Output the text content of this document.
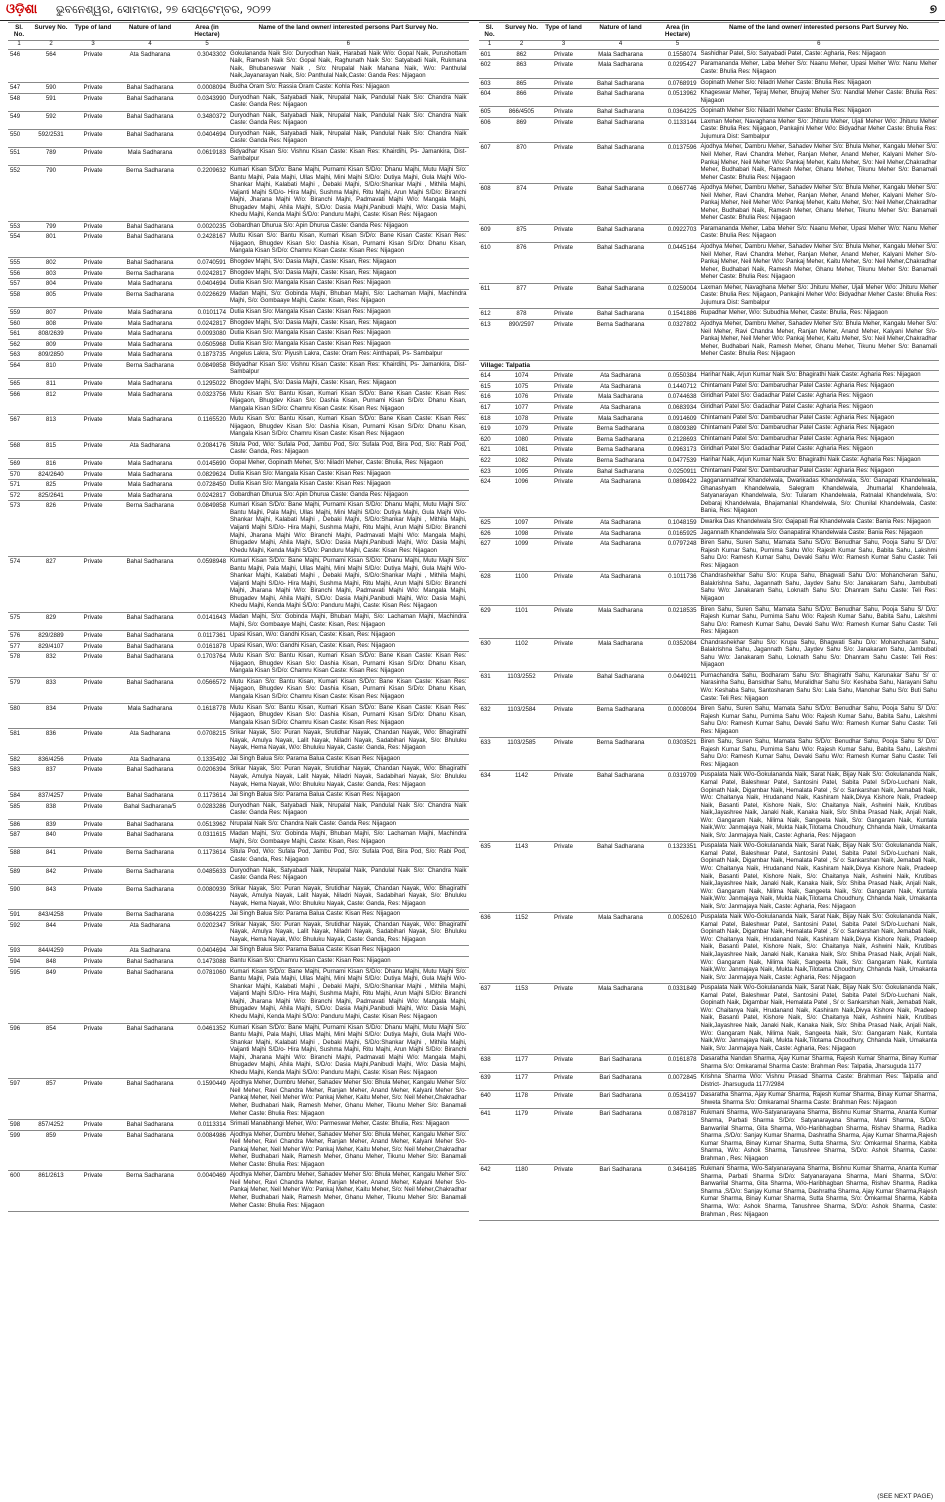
ଓଡ଼ିଶା ଭୁବନେଶ୍ୱର, ସୋମବାର, ୨୭ ସେପ୍ଟେମ୍ବର, ୨୦୨୨	୭
Sl. No.	Survey No.	Type of land	Nature of land	Area (in Hectare)	Name of the land owner/ interested persons Part Survey No.
1	2	3	4	5	6
546	564	Private	Ata Sadharana	0.3043302	Gokulananda Naik S/o: Duryodhan Naik, Harabati Naik W/o: Gopal Naik, Purushottam Naik, Ramesh Naik S/o: Gopal Naik, Raghunath Naik S/o: Satyabadi Naik, Rukmana Naik, Bhubaneswar Naik , S/o: Nrupalal Naik Mahana Naik, W/o: Panthulal Naik,Jayanarayan Naik, S/o: Panthulal Naik,Caste: Ganda Res: Nijagaon
547	590	Private	Bahal Sadharana	0.0008094	Budha Oram S/o: Rassia Oram Caste: Kohla Res: Nijagaon
548	591	Private	Bahal Sadharana	0.0343990	Duryodhan Naik, Satyabadi Naik, Nrupalal Naik, Pandulal Naik S/o: Chandra Naik Caste: Ganda Res: Nijagaon
549	592	Private	Bahal Sadharana	0.3480372	Duryodhan Naik, Satyabadi Naik, Nrupalal Naik, Pandulal Naik S/o: Chandra Naik Caste: Ganda Res: Nijagaon
550	592/2531	Private	Bahal Sadharana	0.0404694	Duryodhan Naik, Satyabadi Naik, Nrupalal Naik, Pandulal Naik S/o: Chandra Naik Caste: Ganda Res: Nijagaon
551	789	Private	Mala Sadharana	0.0619183	Bidyadhar Kisan S/o: Vishnu Kisan Caste: Kisan Res: Khairdihi, Ps- Jamankira, Dist-Sambalpur
552	790	Private	Berna Sadharana	0.2209632	Kumari Kisan S/D/o: Bane Majhi, Purnami Kisan S/D/o: Dhanu Majhi, Mutu Majhi S/o: Bantu Majhi, Pala Majhi, Ullas Majhi, Mini Majhi S/D/o: Dutiya Majhi, Gula Majhi W/o- Shankar Majhi, Kalabati Majhi , Debaki Majhi, S/D/o:Shankar Majhi , Mithila Majhi, Vaijanti Majhi S/D/o- Hira Majhi, Sushma Majhi, Ritu Majhi, Arun Majhi S/D/o: Biranchi Majhi, Jharana Majhi W/o: Biranchi Majhi, Padmavati Majhi W/o: Mangala Majhi, Bhugadev Majhi, Ahila Majhi, S/D/o: Dasia Majhi,Panibudi Majhi, W/o: Dasia Majhi, Khedu Majhi, Kenda Majhi S/D/o: Panduru Majhi, Caste: Kisan Res: Nijagaon
553	799	Private	Bahal Sadharana	0.0020235	Gobardhan Dhurua S/o: Apin Dhurua Caste: Ganda Res: Nijagaon
554	801	Private	Bahal Sadharana	0.2428167	Muttu Kisan S/o: Bantu Kisan, Kumari Kisan S/D/o: Bane Kisan Caste: Kisan Res: Nijagaon, Bhugdev Kisan S/o: Dashia Kisan, Purnami Kisan S/D/o: Dhanu Kisan, Mangala Kisan S/D/o: Chamru Kisan Caste: Kisan Res: Nijagaon
555	802	Private	Bahal Sadharana	0.0740591	Bhogdev Majhi, S/o: Dasia Majhi, Caste: Kisan, Res: Nijagaon
556	803	Private	Berna Sadharana	0.0242817	Bhogdev Majhi, S/o: Dasia Majhi, Caste: Kisan, Res: Nijagaon
557	804	Private	Mala Sadharana	0.0404694	Dutia Kisan S/o: Mangala Kisan Caste: Kisan Res: Nijagaon
558	805	Private	Berna Sadharana	0.0226629	Madan Majhi, S/o: Gobinda Majhi, Bhuban Majhi, S/o: Lachaman Majhi, Machindra Majhi, S/o: Gombaaye Majhi, Caste: Kisan, Res: Nijagaon
559	807	Private	Mala Sadharana	0.0101174	Dutia Kisan S/o: Mangala Kisan Caste: Kisan Res: Nijagaon
560	808	Private	Mala Sadharana	0.0242817	Bhogdev Majhi, S/o: Dasia Majhi, Caste: Kisan, Res: Nijagaon
561	808/2639	Private	Mala Sadharana	0.0093080	Dutia Kisan S/o: Mangala Kisan Caste: Kisan Res: Nijagaon
562	809	Private	Mala Sadharana	0.0505968	Dutia Kisan S/o: Mangala Kisan Caste: Kisan Res: Nijagaon
563	809/2850	Private	Mala Sadharana	0.1873735	Angelus Lakra, S/o: Piyush Lakra, Caste: Oram Res: Ainthapali, Ps- Sambalpur
564	810	Private	Berna Sadharana	0.0849858	Bidyadhar Kisan S/o: Vishnu Kisan Caste: Kisan Res: Khairdihi, Ps- Jamankira, Dist-Sambalpur
565	811	Private	Mala Sadharana	0.1295022	Bhogdev Majhi, S/o: Dasia Majhi, Caste: Kisan, Res: Nijagaon
566	812	Private	Mala Sadharana	0.0323756	Mutu Kisan S/o: Bantu Kisan, Kumari Kisan S/D/o: Bane Kisan Caste: Kisan Res: Nijagaon, Bhugdev Kisan S/o: Dashia Kisan, Purnami Kisan S/D/o: Dhanu Kisan, Mangala Kisan S/D/o: Chamru Kisan Caste: Kisan Res: Nijagaon
567	813	Private	Mala Sadharana	0.1165520	Mutu Kisan S/o: Bantu Kisan, Kumari Kisan S/D/o: Bane Kisan Caste: Kisan Res: Nijagaon, Bhugdev Kisan S/o: Dashia Kisan, Purnami Kisan S/D/o: Dhanu Kisan, Mangala Kisan S/D/o: Chamru Kisan Caste: Kisan Res: Nijagaon
568	815	Private	Ata Sadharana	0.2084176	Situla Pod, W/o: Sufala Pod, Jambu Pod, S/o: Sufala Pod, Bira Pod, S/o: Rabi Pod, Caste: Ganda, Res: Nijagaon
569	816	Private	Mala Sadharana	0.0145690	Gopal Meher, Gopinath Meher, S/o: Niladri Meher, Caste: Bhulia, Res: Nijagaon
570	824/2640	Private	Mala Sadharana	0.0829624	Dutia Kisan S/o: Mangala Kisan Caste: Kisan Res: Nijagaon
571	825	Private	Mala Sadharana	0.0728450	Dutia Kisan S/o: Mangala Kisan Caste: Kisan Res: Nijagaon
572	825/2641	Private	Mala Sadharana	0.0242817	Gobardhan Dhurua S/o: Apin Dhurua Caste: Ganda Res: Nijagaon
573	826	Private	Berna Sadharana	0.0849858	Kumari Kisan S/D/o: Bane Majhi, Purnami Kisan S/D/o: Dhanu Majhi, Mutu Majhi S/o: Bantu Majhi, Pala Majhi, Ullas Majhi, Mini Majhi S/D/o: Dutiya Majhi, Gula Majhi W/o- Shankar Majhi, Kalabati Majhi , Debaki Majhi, S/D/o:Shankar Majhi , Mithila Majhi, Vaijanti Majhi S/D/o- Hira Majhi, Sushma Majhi, Ritu Majhi, Arun Majhi S/D/o: Biranchi Majhi, Jharana Majhi W/o: Biranchi Majhi, Padmavati Majhi W/o: Mangala Majhi, Bhugadev Majhi, Ahila Majhi, S/D/o: Dasia Majhi,Panibudi Majhi, W/o: Dasia Majhi, Khedu Majhi, Kenda Majhi S/D/o: Panduru Majhi, Caste: Kisan Res: Nijagaon
574	827	Private	Bahal Sadharana	0.0598948	Kumari Kisan S/D/o: Bane Majhi, Purnami Kisan S/D/o: Dhanu Majhi, Mutu Majhi S/o: Bantu Majhi, Pala Majhi, Ullas Majhi, Mini Majhi S/D/o: Dutiya Majhi, Gula Majhi W/o- Shankar Majhi, Kalabati Majhi , Debaki Majhi, S/D/o:Shankar Majhi , Mithila Majhi, Vaijanti Majhi S/D/o- Hira Majhi, Sushma Majhi, Ritu Majhi, Arun Majhi S/D/o: Biranchi Majhi, Jharana Majhi W/o: Biranchi Majhi, Padmavati Majhi W/o: Mangala Majhi, Bhugadev Majhi, Ahila Majhi, S/D/o: Dasia Majhi,Panibudi Majhi, W/o: Dasia Majhi, Khedu Majhi, Kenda Majhi S/D/o: Panduru Majhi, Caste: Kisan Res: Nijagaon
575	829	Private	Bahal Sadharana	0.0141643	Madan Majhi, S/o: Gobinda Majhi, Bhuban Majhi, S/o: Lachaman Majhi, Machindra Majhi, S/o: Gombaaye Majhi, Caste: Kisan, Res: Nijagaon
576	829/2889	Private	Bahal Sadharana	0.0117361	Upasi Kisan, W/o: Gandhi Kisan, Caste: Kisan, Res: Nijagaon
577	829/4107	Private	Bahal Sadharana	0.0161878	Upasi Kisan, W/o: Gandhi Kisan, Caste: Kisan, Res: Nijagaon
578	832	Private	Bahal Sadharana	0.1703764	Mutu Kisan S/o: Bantu Kisan, Kumari Kisan S/D/o: Bane Kisan Caste: Kisan Res: Nijagaon, Bhugdev Kisan S/o: Dashia Kisan, Purnami Kisan S/D/o: Dhanu Kisan, Mangala Kisan S/D/o: Chamru Kisan Caste: Kisan Res: Nijagaon
579	833	Private	Bahal Sadharana	0.0566572	Mutu Kisan S/o: Bantu Kisan, Kumari Kisan S/D/o: Bane Kisan Caste: Kisan Res: Nijagaon, Bhugdev Kisan S/o: Dashia Kisan, Purnami Kisan S/D/o: Dhanu Kisan, Mangala Kisan S/D/o: Chamru Kisan Caste: Kisan Res: Nijagaon
580	834	Private	Mala Sadharana	0.1618778	Mutu Kisan S/o: Bantu Kisan, Kumari Kisan S/D/o: Bane Kisan Caste: Kisan Res: Nijagaon, Bhugdev Kisan S/o: Dashia Kisan, Purnami Kisan S/D/o: Dhanu Kisan, Mangala Kisan S/D/o: Chamru Kisan Caste: Kisan Res: Nijagaon
581	836	Private	Ata Sadharana	0.0708215	Srikar Nayak, S/o: Puran Nayak, Srutidhar Nayak, Chandan Nayak, W/o: Bhagirathi Nayak, Amulya Nayak, Lalit Nayak, Niladri Nayak, Sadabihari Nayak, S/o: Bhuluku Nayak, Hema Nayak, W/o: Bhuluku Nayak, Caste: Ganda, Res: Nijagaon
582	836/4256	Private	Ata Sadharana	0.1335492	Jai Singh Balua S/o: Parama Balua Caste: Kisan Res: Nijagaon
583	837	Private	Bahal Sadharana	0.0206394	Srikar Nayak, S/o: Puran Nayak, Srutidhar Nayak, Chandan Nayak, W/o: Bhagirathi Nayak, Amulya Nayak, Lalit Nayak, Niladri Nayak, Sadabihari Nayak, S/o: Bhuluku Nayak, Hema Nayak, W/o: Bhuluku Nayak, Caste: Ganda, Res: Nijagaon
584	837/4257	Private	Bahal Sadharana	0.1173614	Jai Singh Balua S/o: Parama Balua Caste: Kisan Res: Nijagaon
585	838	Private	Bahal Sadharana/5	0.0283286	Duryodhan Naik, Satyabadi Naik, Nrupalal Naik, Pandulal Naik S/o: Chandra Naik Caste: Ganda Res: Nijagaon
586	839	Private	Bahal Sadharana	0.0513962	Nrupalal Naik S/o: Chandra Naik Caste: Ganda Res: Nijagaon
587	840	Private	Bahal Sadharana	0.0311615	Madan Majhi, S/o: Gobinda Majhi, Bhuban Majhi, S/o: Lachaman Majhi, Machindra Majhi, S/o: Gombaaye Majhi, Caste: Kisan, Res: Nijagaon
588	841	Private	Berna Sadharana	0.1173614	Situla Pod, W/o: Sufala Pod, Jambu Pod, S/o: Sufala Pod, Bira Pod, S/o: Rabi Pod, Caste: Ganda, Res: Nijagaon
589	842	Private	Berna Sadharana	0.0485633	Duryodhan Naik, Satyabadi Naik, Nrupalal Naik, Pandulal Naik S/o: Chandra Naik Caste: Ganda Res: Nijagaon
590	843	Private	Berna Sadharana	0.0080939	Srikar Nayak, S/o: Puran Nayak, Srutidhar Nayak, Chandan Nayak, W/o: Bhagirathi Nayak, Amulya Nayak, Lalit Nayak, Niladri Nayak, Sadabihari Nayak, S/o: Bhuluku Nayak, Hema Nayak, W/o: Bhuluku Nayak, Caste: Ganda, Res: Nijagaon
591	843/4258	Private	Berna Sadharana	0.0364225	Jai Singh Balua S/o: Parama Balua Caste: Kisan Res: Nijagaon
592	844	Private	Ata Sadharana	0.0202347	Srikar Nayak, S/o: Puran Nayak, Srutidhar Nayak, Chandan Nayak, W/o: Bhagirathi Nayak, Amulya Nayak, Lalit Nayak, Niladri Nayak, Sadabihari Nayak, S/o: Bhuluku Nayak, Hema Nayak, W/o: Bhuluku Nayak, Caste: Ganda, Res: Nijagaon
593	844/4259	Private	Ata Sadharana	0.0404694	Jai Singh Balua S/o: Parama Balua Caste: Kisan Res: Nijagaon
594	848	Private	Bahal Sadharana	0.1473088	Bantu Kisan S/o: Chamru Kisan Caste: Kisan Res: Nijagaon
595	849	Private	Bahal Sadharana	0.0781060	Kumari Kisan S/D/o: Bane Majhi, Purnami Kisan S/D/o: Dhanu Majhi, Mutu Majhi S/o: Bantu Majhi, Pala Majhi, Ullas Majhi, Mini Majhi S/D/o: Dutiya Majhi, Gula Majhi W/o- Shankar Majhi, Kalabati Majhi , Debaki Majhi, S/D/o:Shankar Majhi , Mithila Majhi, Vaijanti Majhi S/D/o- Hira Majhi, Sushma Majhi, Ritu Majhi, Arun Majhi S/D/o: Biranchi Majhi, Jharana Majhi W/o: Biranchi Majhi, Padmavati Majhi W/o: Mangala Majhi, Bhugadev Majhi, Ahila Majhi, S/D/o: Dasia Majhi,Panibudi Majhi, W/o: Dasia Majhi, Khedu Majhi, Kenda Majhi S/D/o: Panduru Majhi, Caste: Kisan Res: Nijagaon
596	854	Private	Bahal Sadharana	0.0461352	Kumari Kisan S/D/o: Bane Majhi, Purnami Kisan S/D/o: Dhanu Majhi, Mutu Majhi S/o: Bantu Majhi, Pala Majhi, Ullas Majhi, Mini Majhi S/D/o: Dutiya Majhi, Gula Majhi W/o- Shankar Majhi, Kalabati Majhi , Debaki Majhi, S/D/o:Shankar Majhi , Mithila Majhi, Vaijanti Majhi S/D/o- Hira Majhi, Sushma Majhi, Ritu Majhi, Arun Majhi S/D/o: Biranchi Majhi, Jharana Majhi W/o: Biranchi Majhi, Padmavati Majhi W/o: Mangala Majhi, Bhugadev Majhi, Ahila Majhi, S/D/o: Dasia Majhi,Panibudi Majhi, W/o: Dasia Majhi, Khedu Majhi, Kenda Majhi S/D/o: Panduru Majhi, Caste: Kisan Res: Nijagaon
597	857	Private	Bahal Sadharana	0.1590449	Ajodhya Meher, Dumbru Meher, Sahadev Meher S/o: Bhula Meher, Kangalu Meher S/o: Neil Meher, Ravi Chandra Meher, Ranjan Meher, Anand Meher, Kalyani Meher S/o-Pankaj Meher, Neil Meher W/o: Pankaj Meher, Kaitu Meher, S/o: Neil Meher,Chakradhar Meher, Budhabari Naik, Ramesh Meher, Ghanu Meher, Tikunu Meher S/o: Banamali Meher Caste: Bhulia Res: Nijagaon
598	857/4252	Private	Bahal Sadharana	0.0113314	Srimati Manabhangi Meher, W/o: Parmeswar Meher, Caste: Bhulia, Res: Nijagaon
599	859	Private	Bahal Sadharana	0.0084986	Ajodhya Meher, Dumbru Meher, Sahadev Meher S/o: Bhula Meher, Kangalu Meher S/o: Neil Meher, Ravi Chandra Meher, Ranjan Meher, Anand Meher, Kalyani Meher S/o-Pankaj Meher, Neil Meher W/o: Pankaj Meher, Kaitu Meher, S/o: Neil Meher,Chakradhar Meher, Budhabari Naik, Ramesh Meher, Ghanu Meher, Tikunu Meher S/o: Banamali Meher Caste: Bhulia Res: Nijagaon
600	861/2613	Private	Berna Sadharana	0.0040469	Ajodhya Meher, Dambru Meher, Sahadev Meher S/o: Bhula Meher, Kangalu Meher S/o: Neil Meher, Ravi Chandra Meher, Ranjan Meher, Anand Meher, Kalyani Meher S/o-Pankaj Meher, Neil Meher W/o: Pankaj Meher, Kaitu Meher, S/o: Neil Meher,Chakradhar Meher, Budhabari Naik, Ramesh Meher, Ghanu Meher, Tikunu Meher S/o: Banamali Meher Caste: Bhulia Res: Nijagaon
Sl. No.	Survey No.	Type of land	Nature of land	Area (in Hectare)	Name of the land owner/ interested persons Part Survey No.
1	2	3	4	5	6
601	862	Private	Mala Sadharana	0.1558074	Sashidhar Patel, S/o: Satyabadi Patel, Caste: Agharia, Res: Nijagaon
602	863	Private	Mala Sadharana	0.0295427	Paramananda Meher, Laba Meher S/o: Naanu Meher, Upasi Meher W/o: Nanu Meher Caste: Bhulia Res: Nijagaon
603	865	Private	Bahal Sadharana	0.0768919	Gopinath Meher S/o: Niladri Meher Caste: Bhulia Res: Nijagaon
604	866	Private	Bahal Sadharana	0.0513962	Khageswar Meher, Tejraj Meher, Bhujraj Meher S/o: Nandlal Meher Caste: Bhulia Res: Nijagaon
605	866/4505	Private	Bahal Sadharana	0.0364225	Gopinath Meher S/o: Niladri Meher Caste: Bhulia Res: Nijagaon
606	869	Private	Bahal Sadharana	0.1133144	Laxman Meher, Navaghana Meher S/o: Jhituru Meher, Ujali Meher W/o: Jhituru Meher Caste: Bhulia Res: Nijagaon, Pankajini Meher W/o: Bidyadhar Meher Caste: Bhulia Res: Jujumura Dist: Sambalpur
607	870	Private	Bahal Sadharana	0.0137596	Ajodhya Meher, Dambru Meher, Sahadev Meher S/o: Bhula Meher, Kangalu Meher S/o: Neil Meher, Ravi Chandra Meher, Ranjan Meher, Anand Meher, Kalyani Meher S/o-Pankaj Meher, Neil Meher W/o: Pankaj Meher, Kaitu Meher, S/o: Neil Meher,Chakradhar Meher, Budhabari Naik, Ramesh Meher, Ghanu Meher, Tikunu Meher S/o: Banamali Meher Caste: Bhulia Res: Nijagaon
608	874	Private	Bahal Sadharana	0.0667746	Ajodhya Meher, Dambru Meher, Sahadev Meher S/o: Bhula Meher, Kangalu Meher S/o: Neil Meher, Ravi Chandra Meher, Ranjan Meher, Anand Meher, Kalyani Meher S/o-Pankaj Meher, Neil Meher W/o: Pankaj Meher, Kaitu Meher, S/o: Neil Meher,Chakradhar Meher, Budhabari Naik, Ramesh Meher, Ghanu Meher, Tikunu Meher S/o: Banamali Meher Caste: Bhulia Res: Nijagaon
609	875	Private	Bahal Sadharana	0.0922703	Paramananda Meher, Laba Meher S/o: Naanu Meher, Upasi Meher W/o: Nanu Meher Caste: Bhulia Res: Nijagaon
610	876	Private	Bahal Sadharana	0.0445164	Ajodhya Meher, Dambru Meher, Sahadev Meher S/o: Bhula Meher, Kangalu Meher S/o: Neil Meher, Ravi Chandra Meher, Ranjan Meher, Anand Meher, Kalyani Meher S/o-Pankaj Meher, Neil Meher W/o: Pankaj Meher, Kaitu Meher, S/o: Neil Meher,Chakradhar Meher, Budhabari Naik, Ramesh Meher, Ghanu Meher, Tikunu Meher S/o: Banamali Meher Caste: Bhulia Res: Nijagaon
611	877	Private	Bahal Sadharana	0.0259004	Laxman Meher, Navaghana Meher S/o: Jhituru Meher, Ujali Meher W/o: Jhituru Meher Caste: Bhulia Res: Nijagaon, Pankajini Meher W/o: Bidyadhar Meher Caste: Bhulia Res: Jujumura Dist: Sambalpur
612	878	Private	Bahal Sadharana	0.1541886	Rupadhar Meher, W/o: Subudhia Meher, Caste: Bhulia, Res: Nijagaon
613	890/2597	Private	Berna Sadharana	0.0327802	Ajodhya Meher, Dambru Meher, Sahadev Meher S/o: Bhula Meher, Kangalu Meher S/o: Neil Meher, Ravi Chandra Meher, Ranjan Meher, Anand Meher, Kalyani Meher S/o-Pankaj Meher, Neil Meher W/o: Pankaj Meher, Kaitu Meher, S/o: Neil Meher,Chakradhar Meher, Budhabari Naik, Ramesh Meher, Ghanu Meher, Tikunu Meher S/o: Banamali Meher Caste: Bhulia Res: Nijagaon
Village: Talpatia					
614	1074	Private	Ata Sadharana	0.0550384	Harihar Naik, Arjun Kumar Naik S/o: Bhagirathi Naik Caste: Agharia Res: Nijagaon
615	1075	Private	Ata Sadharana	0.1440712	Chintamani Patel S/o: Dambarudhar Patel Caste: Agharia Res: Nijagaon
616	1076	Private	Mala Sadharana	0.0744638	Giridhari Patel S/o: Gadadhar Patel Caste: Agharia Res: Nijgaon
617	1077	Private	Ata Sadharana	0.0683934	Giridhari Patel S/o: Gadadhar Patel Caste: Agharia Res: Nijgaon
618	1078	Private	Mala Sadharana	0.0914609	Chintamani Patel S/o: Dambarudhar Patel Caste: Agharia Res: Nijagaon
619	1079	Private	Berna Sadharana	0.0809389	Chintamani Patel S/o: Dambarudhar Patel Caste: Agharia Res: Nijagaon
620	1080	Private	Berna Sadharana	0.2128693	Chintamani Patel S/o: Dambarudhar Patel Caste: Agharia Res: Nijagaon
621	1081	Private	Berna Sadharana	0.0963173	Giridhari Patel S/o: Gadadhar Patel Caste: Agharia Res: Nijgaon
622	1082	Private	Berna Sadharana	0.0477539	Harihar Naik, Arjun Kumar Naik S/o: Bhagirathi Naik Caste: Agharia Res: Nijagaon
623	1095	Private	Bahal Sadharana	0.0250911	Chintamani Patel S/o: Dambarudhar Patel Caste: Agharia Res: Nijagaon
624	1096	Private	Ata Sadharana	0.0898422	Jagganannathrai Khandelwala, Dwarikadas Khandelwala, S/o: Ganapati Khandelwala, Ghanashyam Khandelwala, Salegram Khandelwala, Jhumarlal Khandelwala, Satyanarayan Khandelwala, S/o: Tularam Khandelwala, Ratnalal Khandelwala, S/o: Debaraj Khandelwala, Bhajamanlal Khandelwala, S/o: Chunilal Khandelwala, Caste: Bania, Res: Nijagaon
625	1097	Private	Ata Sadharana	0.1048159	Dwarika Das Khandelwala S/o: Gajapati Rai Khandelwala Caste: Bania Res: Nijagaon
626	1098	Private	Ata Sadharana	0.0165925	Jagannath Khandelwala S/o: Ganapatirai Khandelwala Caste: Bania Res: Nijagaon
627	1099	Private	Ata Sadharana	0.0797248	Biren Sahu, Suren Sahu, Mamata Sahu S/D/o: Benudhar Sahu, Pooja Sahu S/ D/o: Rajesh Kumar Sahu, Purnima Sahu W/o: Rajesh Kumar Sahu, Babita Sahu, Lakshmi Sahu D/o: Ramesh Kumar Sahu, Devaki Sahu W/o: Ramesh Kumar Sahu Caste: Teli Res: Nijagaon
628	1100	Private	Ata Sadharana	0.1011736	Chandrashekhar Sahu S/o: Krupa Sahu, Bhagwati Sahu D/o: Mohanchəran Sahu, Balakrishna Sahu, Jagannath Sahu, Jaydev Sahu S/o: Janakaram Sahu, Jambubati Sahu W/o: Janakaram Sahu, Loknath Sahu S/o: Dhanram Sahu Caste: Teli Res: Nijagaon
629	1101	Private	Mala Sadharana	0.0218535	Biren Sahu, Suren Sahu, Mamata Sahu S/D/o: Benudhar Sahu, Pooja Sahu S/ D/o: Rajesh Kumar Sahu, Purnima Sahu W/o: Rajesh Kumar Sahu, Babita Sahu, Lakshmi Sahu D/o: Ramesh Kumar Sahu, Devaki Sahu W/o: Ramesh Kumar Sahu Caste: Teli Res: Nijagaon
630	1102	Private	Mala Sadharana	0.0352084	Chandrashekhar Sahu S/o: Krupa Sahu, Bhagwati Sahu D/o: Mohancharan Sahu, Balakrishna Sahu, Jagannath Sahu, Jaydev Sahu S/o: Janakaram Sahu, Jambubati Sahu W/o: Janakaram Sahu, Loknath Sahu S/o: Dhanram Sahu Caste: Teli Res: Nijagaon
631	1103/2552	Private	Bahal Sadharana	0.0449211	Purnachandra Sahu, Bodharam Sahu S/o: Bhagirathi Sahu, Karunakar Sahu S/ o: Narasinha Sahu, Bansidhar Sahu, Muralidhar Sahu S/o: Keshaba Sahu, Narayani Sahu W/o: Keshaba Sahu, Santosharam Sahu S/o: Lala Sahu, Manohar Sahu S/o: Buti Sahu Caste: Teli Res: Nijagaon
632	1103/2584	Private	Berna Sadharana	0.0008094	Biren Sahu, Suren Sahu, Mamata Sahu S/D/o: Benudhar Sahu, Pooja Sahu S/ D/o: Rajesh Kumar Sahu, Purnima Sahu W/o: Rajesh Kumar Sahu, Babita Sahu, Lakshmi Sahu D/o: Ramesh Kumar Sahu, Devaki Sahu W/o: Ramesh Kumar Sahu Caste: Teli Res: Nijagaon
633	1103/2585	Private	Berna Sadharana	0.0303521	Biren Sahu, Suren Sahu, Mamata Sahu S/D/o: Benudhar Sahu, Pooja Sahu S/ D/o: Rajesh Kumar Sahu, Purnima Sahu W/o: Rajesh Kumar Sahu, Babita Sahu, Lakshmi Sahu D/o: Ramesh Kumar Sahu, Devaki Sahu W/o: Ramesh Kumar Sahu Caste: Teli Res: Nijagaon
634	1142	Private	Bahal Sadharana	0.0319709	Puspalata Naik W/o-Gokulananda Naik, Sarat Naik, Bijay Naik S/o: Gokulananda Naik, Kamal Patel, Baleshwar Patel, Santosini Patel, Sabita Patel S/D/o-Luchani Naik, Gopinath Naik, Digambar Naik, Hemalata Patel , S/ o: Sankarshan Naik, Jemabati Naik, W/o: Chaitanya Naik, Hrudanand Naik, Kashiram Naik,Divya Kishore Naik, Pradeep Naik, Basanti Patel, Kishore Naik, S/o: Chaitanya Naik, Ashwini Naik, Krutibas Naik,Jayashree Naik, Janaki Naik, Kanaka Naik, S/o: Shiba Prasad Naik, Anjali Naik, W/o: Gangaram Naik, Nilima Naik, Sangeeta Naik, S/o: Gangaram Naik, Kuntala Naik,W/o: Janmajaya Naik, Mukta Naik,Tilotama Choudhury, Chhanda Naik, Umakanta Naik, S/o: Janmajaya Naik, Caste: Agharia, Res: Nijagaon
635	1143	Private	Bahal Sadharana	0.1323351	Puspalata Naik W/o-Gokulananda Naik, Sarat Naik, Bijay Naik S/o: Gokulananda Naik, Kamal Patel, Baleshwar Patel, Santosini Patel, Sabita Patel S/D/o-Luchani Naik, Gopinath Naik, Digambar Naik, Hemalata Patel , S/ o: Sankarshan Naik, Jemabati Naik, W/o: Chaitanya Naik, Hrudanand Naik, Kashiram Naik,Divya Kishore Naik, Pradeep Naik, Basanti Patel, Kishore Naik, S/o: Chaitanya Naik, Ashwini Naik, Krutibas Naik,Jayashree Naik, Janaki Naik, Kanaka Naik, S/o: Shiba Prasad Naik, Anjali Naik, W/o: Gangaram Naik, Nilima Naik, Sangeeta Naik, S/o: Gangaram Naik, Kuntala Naik,W/o: Janmajaya Naik, Mukta Naik,Tilotama Choudhury, Chhanda Naik, Umakanta Naik, S/o: Janmajaya Naik, Caste: Agharia, Res: Nijagaon
636	1152	Private	Mala Sadharana	0.0052610	Puspalata Naik W/o-Gokulananda Naik, Sarat Naik, Bijay Naik S/o: Gokulananda Naik, Kamal Patel, Baleshwar Patel, Santosini Patel, Sabita Patel S/D/o-Luchani Naik, Gopinath Naik, Digambar Naik, Hemalata Patel , S/ o: Sankarshan Naik, Jemabati Naik, W/o: Chaitanya Naik, Hrudanand Naik, Kashiram Naik,Divya Kishore Naik, Pradeep Naik, Basanti Patel, Kishore Naik, S/o: Chaitanya Naik, Ashwini Naik, Krutibas Naik,Jayashree Naik, Janaki Naik, Kanaka Naik, S/o: Shiba Prasad Naik, Anjali Naik, W/o: Gangaram Naik, Nilima Naik, Sangeeta Naik, S/o: Gangaram Naik, Kuntala Naik,W/o: Janmajaya Naik, Mukta Naik,Tilotama Choudhury, Chhanda Naik, Umakanta Naik, S/o: Janmajaya Naik, Caste: Agharia, Res: Nijagaon
637	1153	Private	Mala Sadharana	0.0331849	Puspalata Naik W/o-Gokulananda Naik, Sarat Naik, Bijay Naik S/o: Gokulananda Naik, Kamal Patel, Baleshwar Patel, Santosini Patel, Sabita Patel S/D/o-Luchani Naik, Gopinath Naik, Digambar Naik, Hemalata Patel , S/ o: Sankarshan Naik, Jemabati Naik, W/o: Chaitanya Naik, Hrudanand Naik, Kashiram Naik,Divya Kishore Naik, Pradeep Naik, Basanti Patel, Kishore Naik, S/o: Chaitanya Naik, Ashwini Naik, Krutibas Naik,Jayashree Naik, Janaki Naik, Kanaka Naik, S/o: Shiba Prasad Naik, Anjali Naik, W/o: Gangaram Naik, Nilima Naik, Sangeeta Naik, S/o: Gangaram Naik, Kuntala Naik,W/o: Janmajaya Naik, Mukta Naik,Tilotama Choudhury, Chhanda Naik, Umakanta Naik, S/o: Janmajaya Naik, Caste: Agharia, Res: Nijagaon
638	1177	Private	Bari Sadharana	0.0161878	Dasaratha Nandan Sharma, Ajay Kumar Sharma, Rajesh Kumar Sharma, Binay Kumar Sharma S/o: Omkaramal Sharma Caste: Brahman Res: Talpatia, Jharsuguda 1177
639	1177	Private	Bari Sadharana	0.0072845	Krishna Sharma W/o: Vishnu Prasad Sharma Caste: Brahman Res: Talpatia and District- Jharsuguda 1177/2984
640	1178	Private	Bari Sadharana	0.0534197	Dasaratha Sharma, Ajay Kumar Sharma, Rajesh Kumar Sharma, Binay Kumar Sharma, Shweta Sharma S/o: Omkaramal Sharma Caste: Brahman Res: Nijagaon
641	1179	Private	Bari Sadharana	0.0878187	Rukmani Sharma, W/o-Satyanarayana Sharma, Bishnu Kumar Sharma, Ananta Kumar Sharma, Parbati Sharma S/D/o: Satyanarayana Sharma, Mani Sharma, S/D/o: Banwarilal Sharma, Gita Sharma, W/o-Haribhagban Sharma, Rishav Sharma, Radika Sharma ,S/D/o: Sanjay Kumar Sharma, Dashratha Sharma, Ajay Kumar Sharma,Rajesh Kumar Sharma, Binay Kumar Sharma, Sutta Sharma, S/o: Omkarmal Sharma, Kabita Sharma, W/o: Ashok Sharma, Tanushree Sharma, S/D/o: Ashok Sharma, Caste: Brahman , Res: Nijagaon
642	1180	Private	Bari Sadharana	0.3464185	Rukmani Sharma, W/o-Satyanarayana Sharma, Bishnu Kumar Sharma, Ananta Kumar Sharma, Parbati Sharma S/D/o: Satyanarayana Sharma, Mani Sharma, S/D/o: Banwarilal Sharma, Gita Sharma, W/o-Haribhagban Sharma, Rishav Sharma, Radika Sharma ,S/D/o: Sanjay Kumar Sharma, Dashratha Sharma, Ajay Kumar Sharma,Rajesh Kumar Sharma, Binay Kumar Sharma, Sutta Sharma, S/o: Omkarmal Sharma, Kabita Sharma, W/o: Ashok Sharma, Tanushree Sharma, S/D/o: Ashok Sharma, Caste: Brahman , Res: Nijagaon
(SEE NEXT PAGE)
